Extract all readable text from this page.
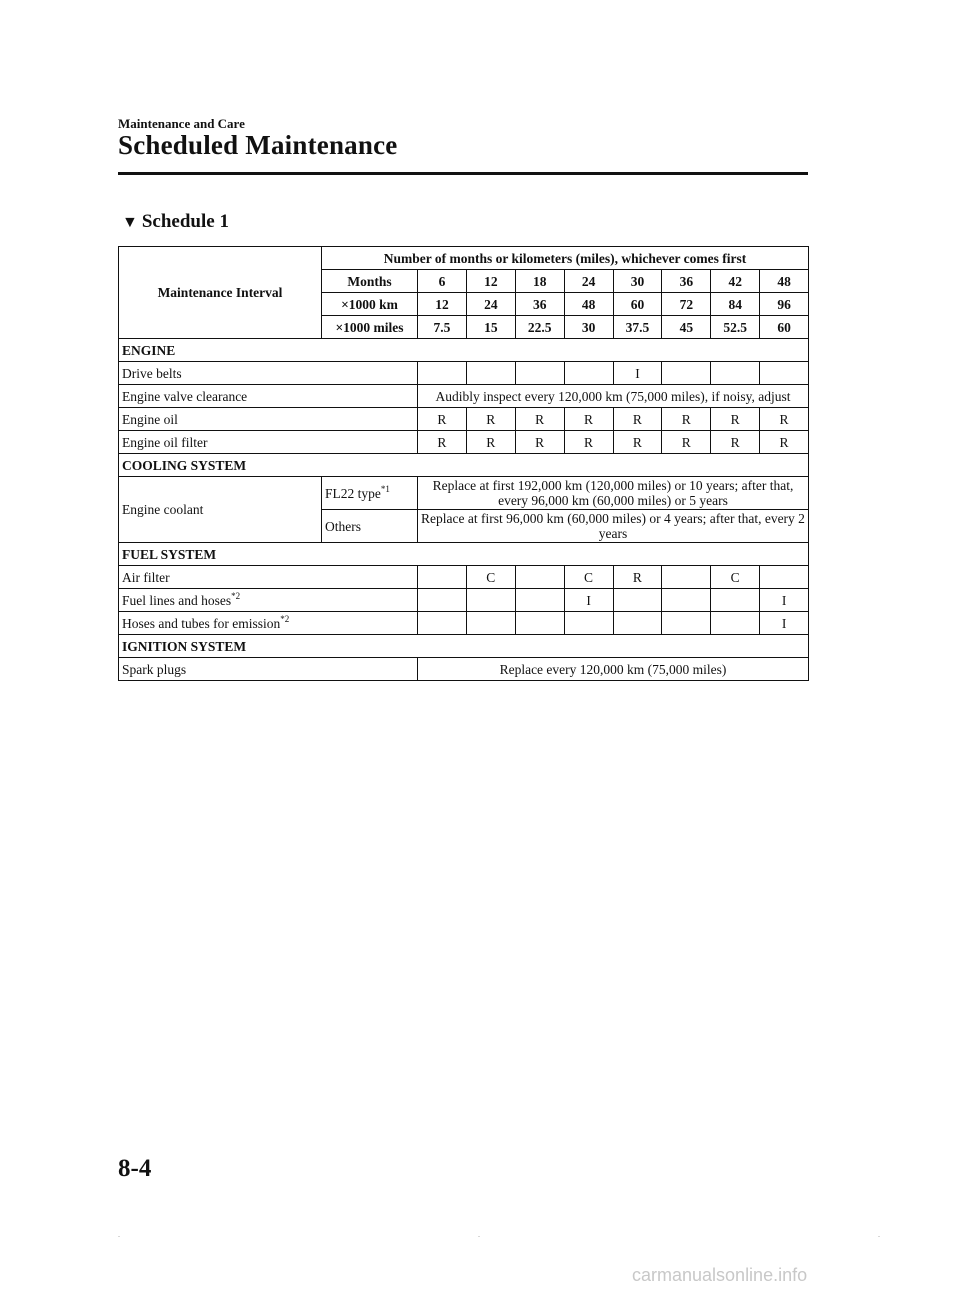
Maintenance and Care
Scheduled Maintenance
▼ Schedule 1
Maintenance Interval	Number of months or kilometers (miles), whichever comes first								
	Months	6	12	18	24	30	36	42	48
	×1000 km	12	24	36	48	60	72	84	96
	×1000 miles	7.5	15	22.5	30	37.5	45	52.5	60
ENGINE									
Drive belts						I			
Engine valve clearance		Audibly inspect every 120,000 km (75,000 miles), if noisy, adjust							
Engine oil		R	R	R	R	R	R	R	R
Engine oil filter		R	R	R	R	R	R	R	R
COOLING SYSTEM									
Engine coolant	FL22 type$^{*1}$	Replace at first 192,000 km (120,000 miles) or 10 years; after that, every 96,000 km (60,000 miles) or 5 years							
	Others	Replace at first 96,000 km (60,000 miles) or 4 years; after that, every 2 years							
FUEL SYSTEM									
Air filter			C		C	R		C	
Fuel lines and hoses$^{*2}$					I				I
Hoses and tubes for emission$^{*2}$									I
IGNITION SYSTEM									
Spark plugs		Replace every 120,000 km (75,000 miles)							
8-4
carmanualsonline.info
.	.	.
